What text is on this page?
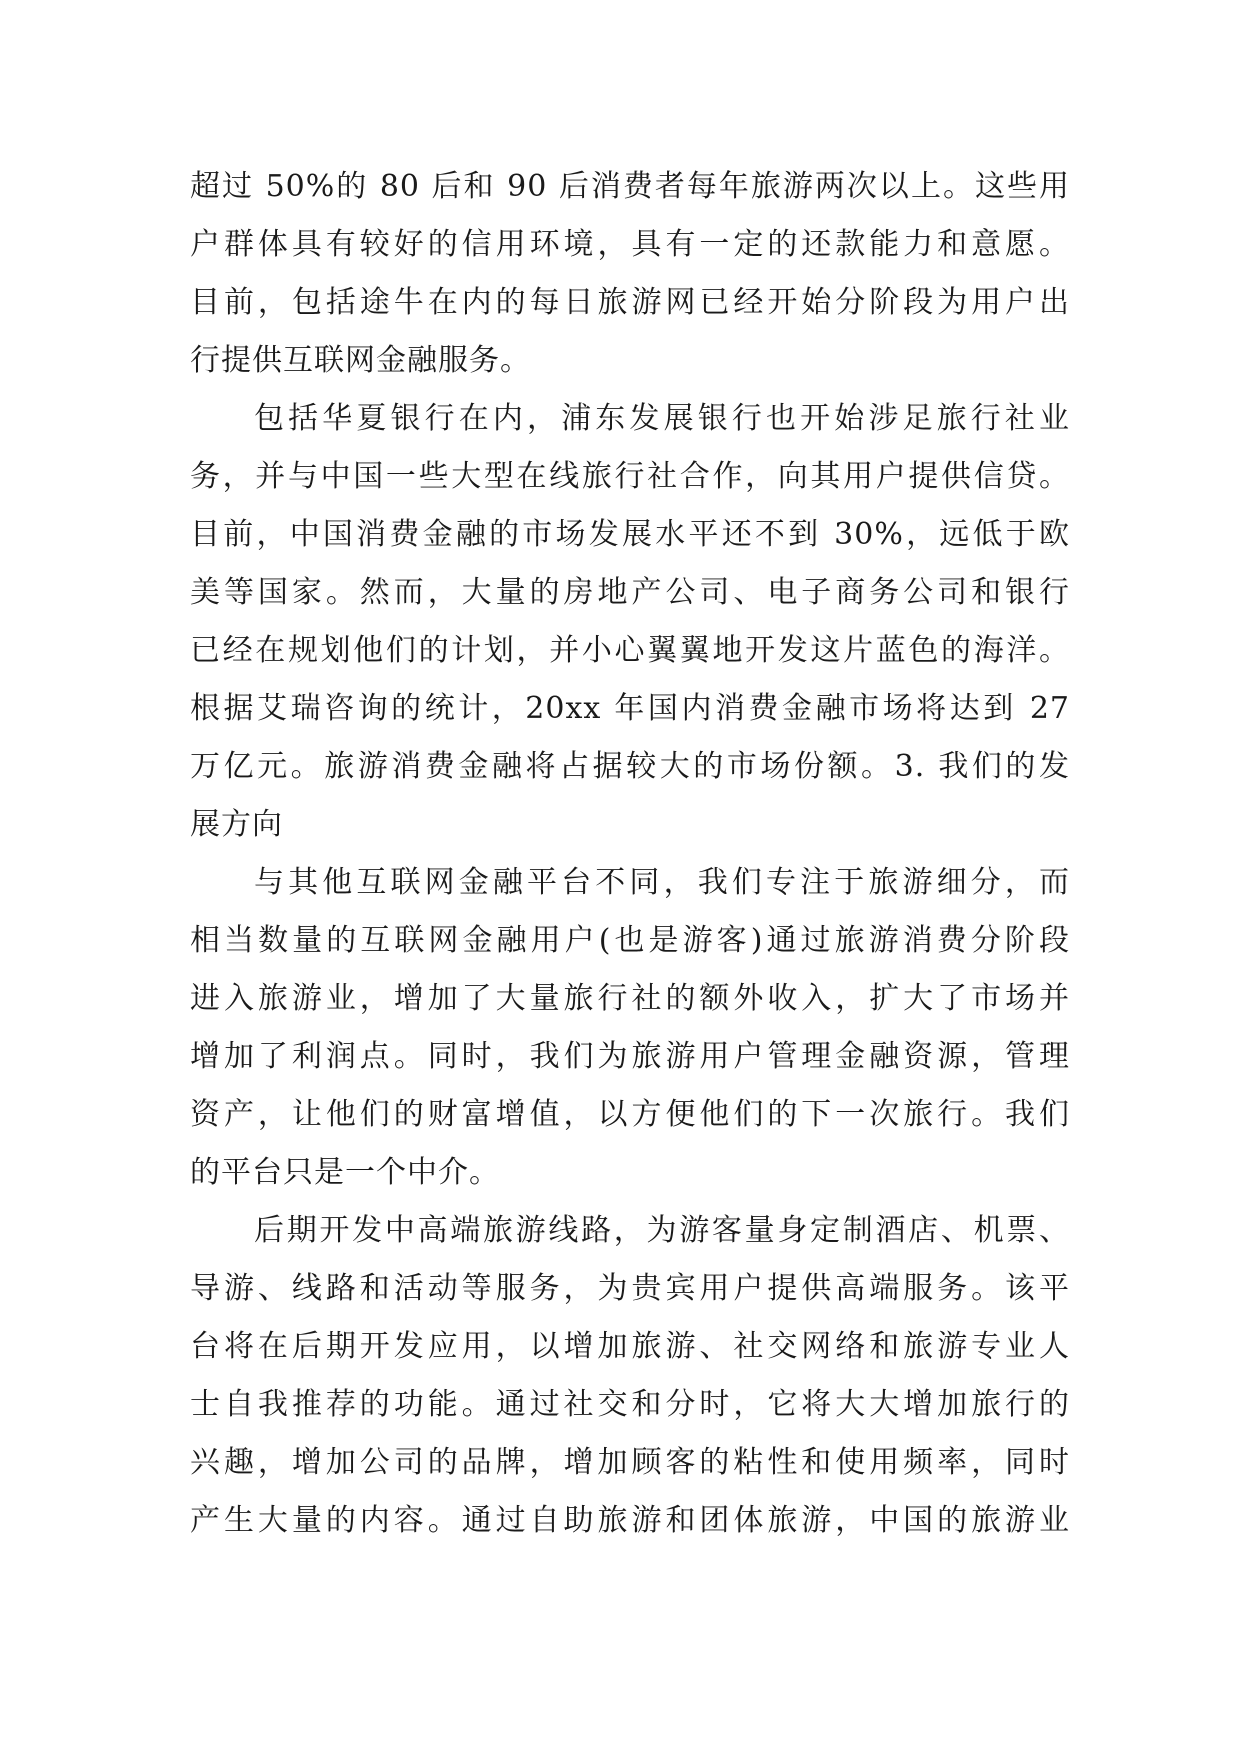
超过 50%的 80 后和 90 后消费者每年旅游两次以上。这些用
户群体具有较好的信用环境，具有一定的还款能力和意愿。
目前，包括途牛在内的每日旅游网已经开始分阶段为用户出
行提供互联网金融服务。
包括华夏银行在内，浦东发展银行也开始涉足旅行社业
务，并与中国一些大型在线旅行社合作，向其用户提供信贷。
目前，中国消费金融的市场发展水平还不到 30%，远低于欧
美等国家。然而，大量的房地产公司、电子商务公司和银行
已经在规划他们的计划，并小心翼翼地开发这片蓝色的海洋。
根据艾瑞咨询的统计，20xx 年国内消费金融市场将达到 27
万亿元。旅游消费金融将占据较大的市场份额。3. 我们的发
展方向
与其他互联网金融平台不同，我们专注于旅游细分，而
相当数量的互联网金融用户(也是游客)通过旅游消费分阶段
进入旅游业，增加了大量旅行社的额外收入，扩大了市场并
增加了利润点。同时，我们为旅游用户管理金融资源，管理
资产，让他们的财富增值，以方便他们的下一次旅行。我们
的平台只是一个中介。
后期开发中高端旅游线路，为游客量身定制酒店、机票、
导游、线路和活动等服务，为贵宾用户提供高端服务。该平
台将在后期开发应用，以增加旅游、社交网络和旅游专业人
士自我推荐的功能。通过社交和分时，它将大大增加旅行的
兴趣，增加公司的品牌，增加顾客的粘性和使用频率，同时
产生大量的内容。通过自助旅游和团体旅游，中国的旅游业
